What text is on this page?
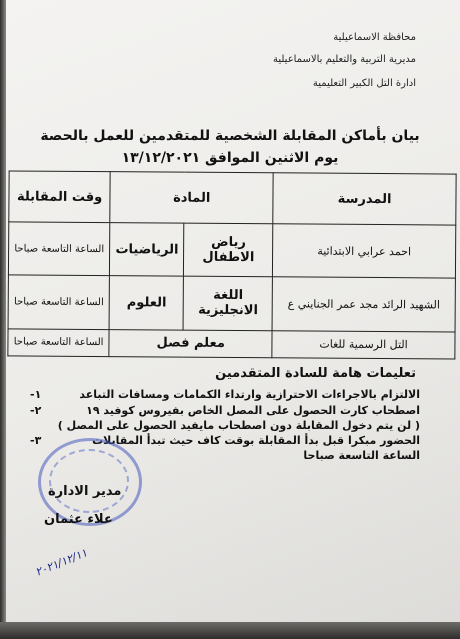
محافظة الاسماعيلية
مديرية التربية والتعليم بالاسماعيلية
ادارة التل الكبير التعليمية
بيان بأماكن المقابلة الشخصية للمتقدمين للعمل بالحصة
يوم الاثنين الموافق ١٣/١٢/٢٠٢١
المدرسة	المادة		وقت المقابلة
احمد عرابي الابتدائية	رياض الاطفال	الرياضيات	الساعة التاسعة صباحا
الشهيد الرائد مجد عمر الجنايني ع	اللغة الانجليزية	العلوم	الساعة التاسعة صباحا
التل الرسمية للغات	معلم فصل		الساعة التاسعة صباحا
تعليمات هامة للسادة المتقدمين
-١	الالتزام بالاجراءات الاحترازية وارتداء الكمامات ومسافات التباعد
-٢	اصطحاب كارت الحصول على المصل الخاص بفيروس كوفيد ١٩
( لن يتم دخول المقابلة دون اصطحاب مايفيد الحصول على المصل )
-٣	الحضور مبكرا قبل بدأ المقابلة بوقت كاف حيث تبدأ المقابلات
الساعة التاسعة صباحا
مدير الادارة
علاء عثمان
٢٠٢١/١٢/١١
